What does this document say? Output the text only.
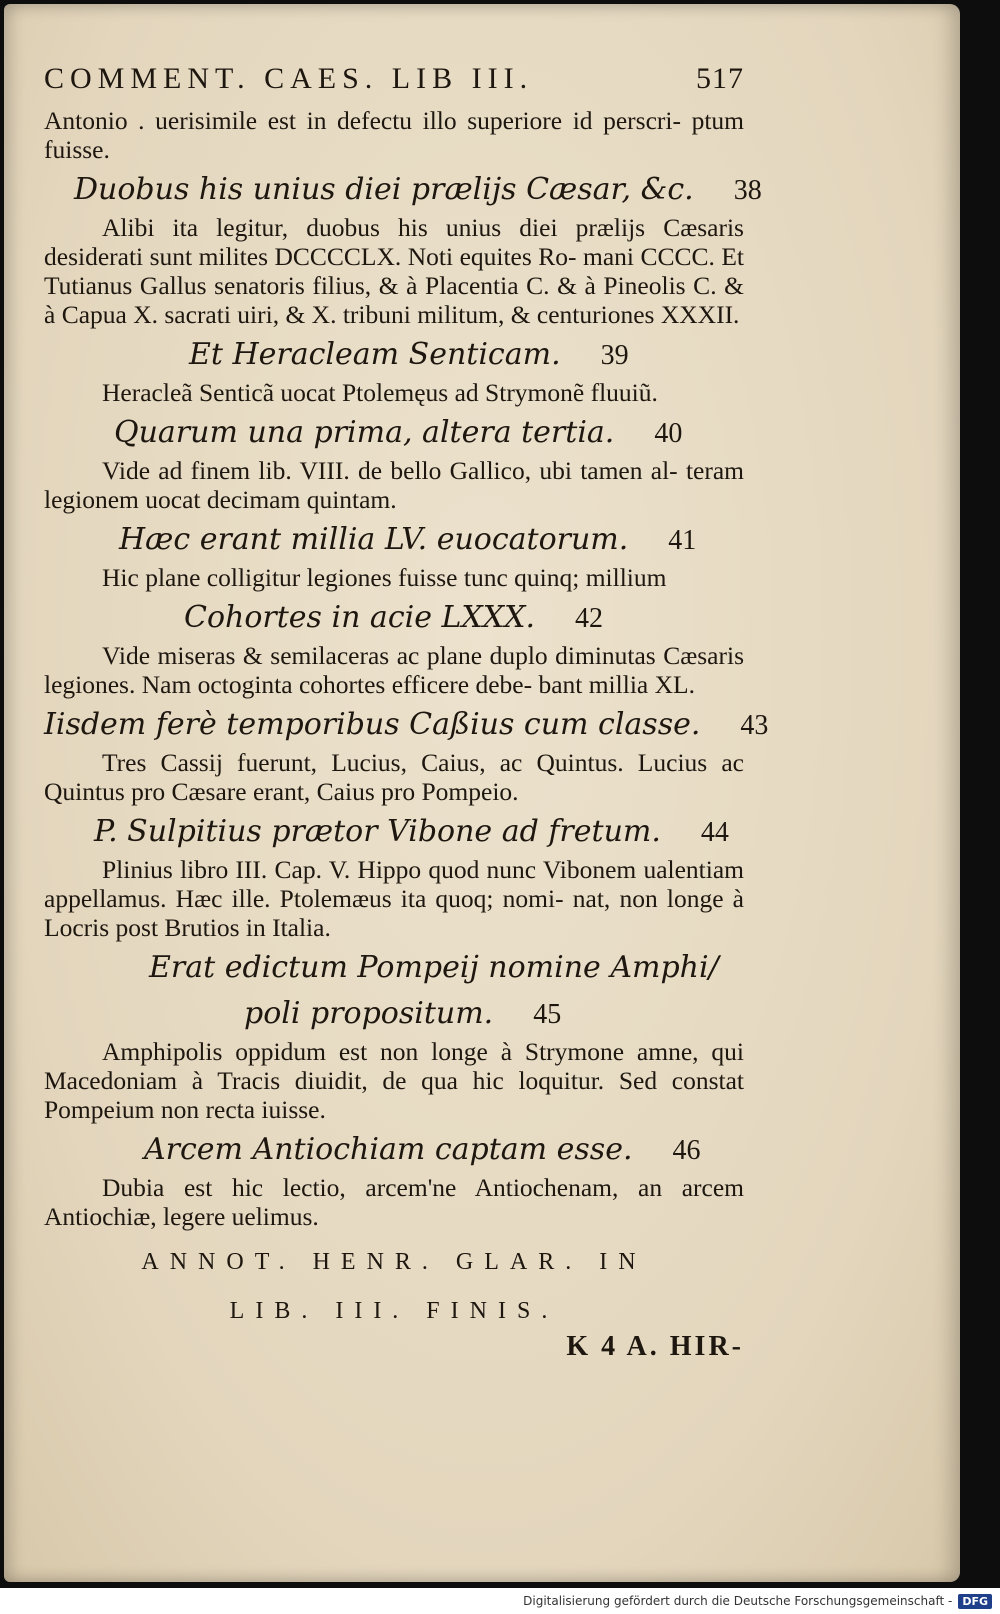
COMMENT. CAES. LIB III.	517

Antonio . uerisimile est in defectu illo superiore id perscri- ptum fuisse.

Duobus his unius diei prælijs Cæsar, &c. 38

Alibi ita legitur, duobus his unius diei prælijs Cæsaris desiderati sunt milites DCCCCLX. Noti equites Ro- mani CCCC. Et Tutianus Gallus senatoris filius, & à Placentia C. & à Pineolis C. & à Capua X. sacrati uiri, & X. tribuni militum, & centuriones XXXII.

Et Heracleam Senticam. 39

Heracleã Senticã uocat Ptolemęus ad Strymonẽ fluuiũ.

Quarum una prima, altera tertia. 40

Vide ad finem lib. VIII. de bello Gallico, ubi tamen al- teram legionem uocat decimam quintam.

Hæc erant millia LV. euocatorum. 41

Hic plane colligitur legiones fuisse tunc quinq; millium

Cohortes in acie LXXX. 42

Vide miseras & semilaceras ac plane duplo diminutas Cæsaris legiones. Nam octoginta cohortes efficere debe- bant millia XL.

Iisdem ferè temporibus Caßius cum classe. 43

Tres Cassij fuerunt, Lucius, Caius, ac Quintus. Lucius ac Quintus pro Cæsare erant, Caius pro Pompeio.

P. Sulpitius prætor Vibone ad fretum. 44

Plinius libro III. Cap. V. Hippo quod nunc Vibonem ualentiam appellamus. Hæc ille. Ptolemæus ita quoq; nomi- nat, non longe à Locris post Brutios in Italia.

Erat edictum Pompeij nomine Amphi/
poli propositum. 45

Amphipolis oppidum est non longe à Strymone amne, qui Macedoniam à Tracis diuidit, de qua hic loquitur. Sed constat Pompeium non recta iuisse.

Arcem Antiochiam captam esse. 46

Dubia est hic lectio, arcem'ne Antiochenam, an arcem Antiochiæ, legere uelimus.

ANNOT. HENR. GLAR. IN
LIB. III. FINIS.
K 4 A. HIR-
Digitalisierung gefördert durch die Deutsche Forschungsgemeinschaft - DFG
